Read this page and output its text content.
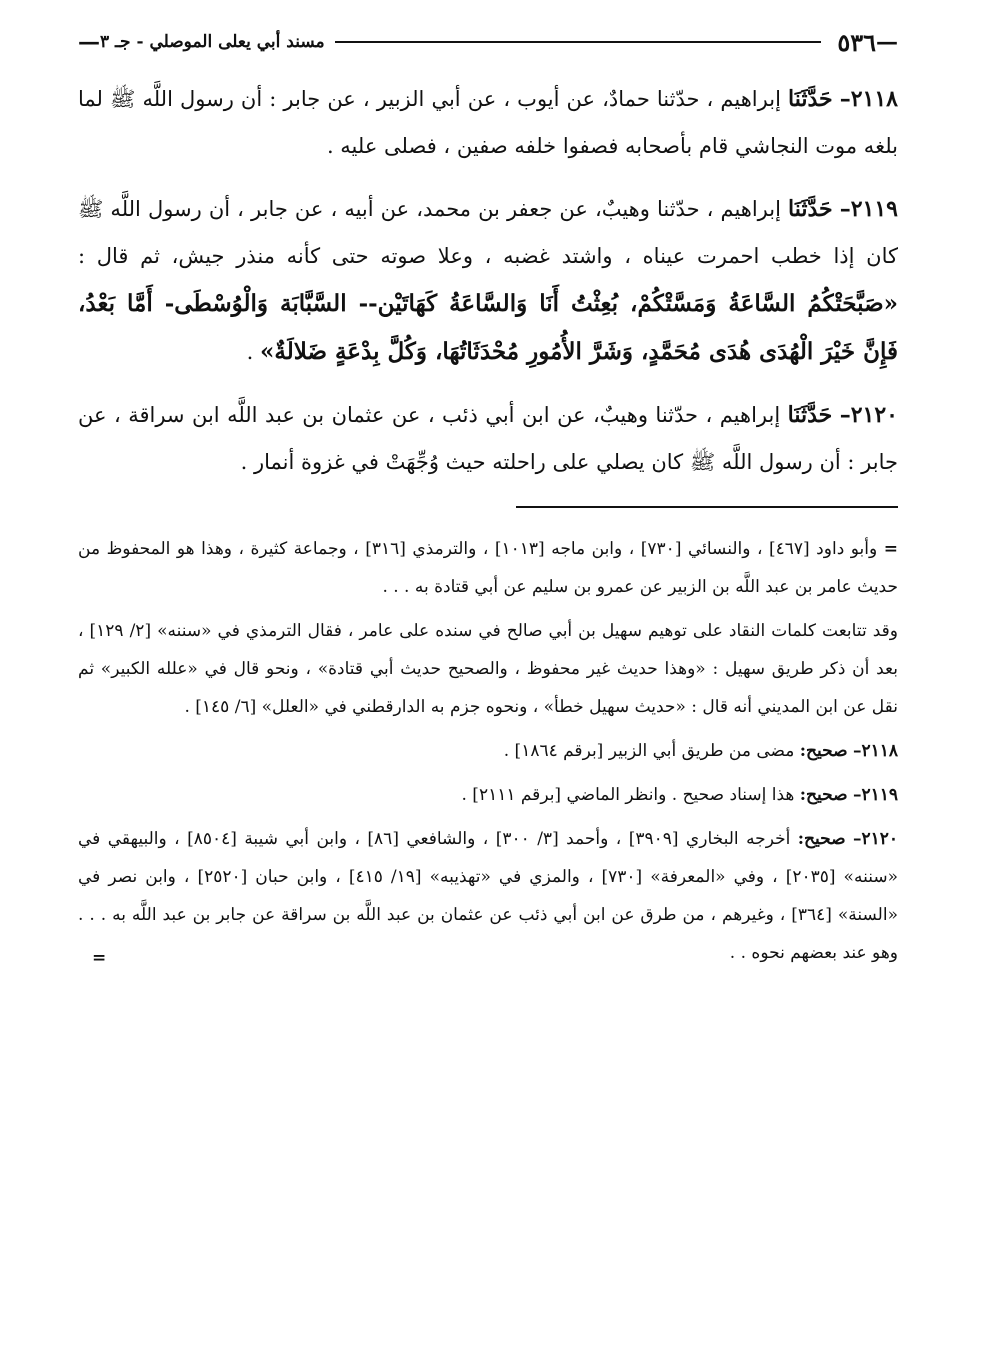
—
٥٣٦
مسند أبي يعلى الموصلي - جـ ٣
—

٢١١٨– حَدَّثَنَا إبراهيم ، حدّثنا حمادٌ، عن أيوب ، عن أبي الزبير ، عن جابر : أن رسول اللَّه ﷺ لما بلغه موت النجاشي قام بأصحابه فصفوا خلفه صفين ، فصلى عليه .

٢١١٩– حَدَّثَنَا إبراهيم ، حدّثنا وهيبٌ، عن جعفر بن محمد، عن أبيه ، عن جابر ، أن رسول اللَّه ﷺ كان إذا خطب احمرت عيناه ، واشتد غضبه ، وعلا صوته حتى كأنه منذر جيش، ثم قال : «صَبَّحَتْكُمُ السَّاعَةُ وَمَسَّتْكُمْ، بُعِثْتُ أَنَا وَالسَّاعَةُ كَهَاتَيْن-- السَّبَّابَة وَالْوُسْطَى- أَمَّا بَعْدُ، فَإِنَّ خَيْرَ الْهُدَى هُدَى مُحَمَّدٍ، وَشَرَّ الأُمُورِ مُحْدَثَاتُهَا، وَكُلَّ بِدْعَةٍ ضَلالَةٌ» .

٢١٢٠– حَدَّثَنَا إبراهيم ، حدّثنا وهيبٌ، عن ابن أبي ذئب ، عن عثمان بن عبد اللَّه ابن سراقة ، عن جابر : أن رسول اللَّه ﷺ كان يصلي على راحلته حيث وُجِّهَتْ في غزوة أنمار .

= وأبو داود [٤٦٧] ، والنسائي [٧٣٠] ، وابن ماجه [١٠١٣] ، والترمذي [٣١٦] ، وجماعة كثيرة ، وهذا هو المحفوظ من حديث عامر بن عبد اللَّه بن الزبير عن عمرو بن سليم عن أبي قتادة به . . .

وقد تتابعت كلمات النقاد على توهيم سهيل بن أبي صالح في سنده على عامر ، فقال الترمذي في «سننه» [٢/ ١٢٩] ، بعد أن ذكر طريق سهيل : «وهذا حديث غير محفوظ ، والصحيح حديث أبي قتادة» ، ونحو قال في «علله الكبير» ثم نقل عن ابن المديني أنه قال : «حديث سهيل خطأ» ، ونحوه جزم به الدارقطني في «العلل» [٦/ ١٤٥] .

٢١١٨– صحيح: مضى من طريق أبي الزبير [برقم ١٨٦٤] .

٢١١٩– صحيح: هذا إسناد صحيح . وانظر الماضي [برقم ٢١١١] .

٢١٢٠– صحيح: أخرجه البخاري [٣٩٠٩] ، وأحمد [٣/ ٣٠٠] ، والشافعي [٨٦] ، وابن أبي شيبة [٨٥٠٤] ، والبيهقي في «سننه» [٢٠٣٥] ، وفي «المعرفة» [٧٣٠] ، والمزي في «تهذيبه» [١٩/ ٤١٥] ، وابن حبان [٢٥٢٠] ، وابن نصر في «السنة» [٣٦٤] ، وغيرهم ، من طرق عن ابن أبي ذئب عن عثمان بن عبد اللَّه بن سراقة عن جابر بن عبد اللَّه به . . . وهو عند بعضهم نحوه . .

=
